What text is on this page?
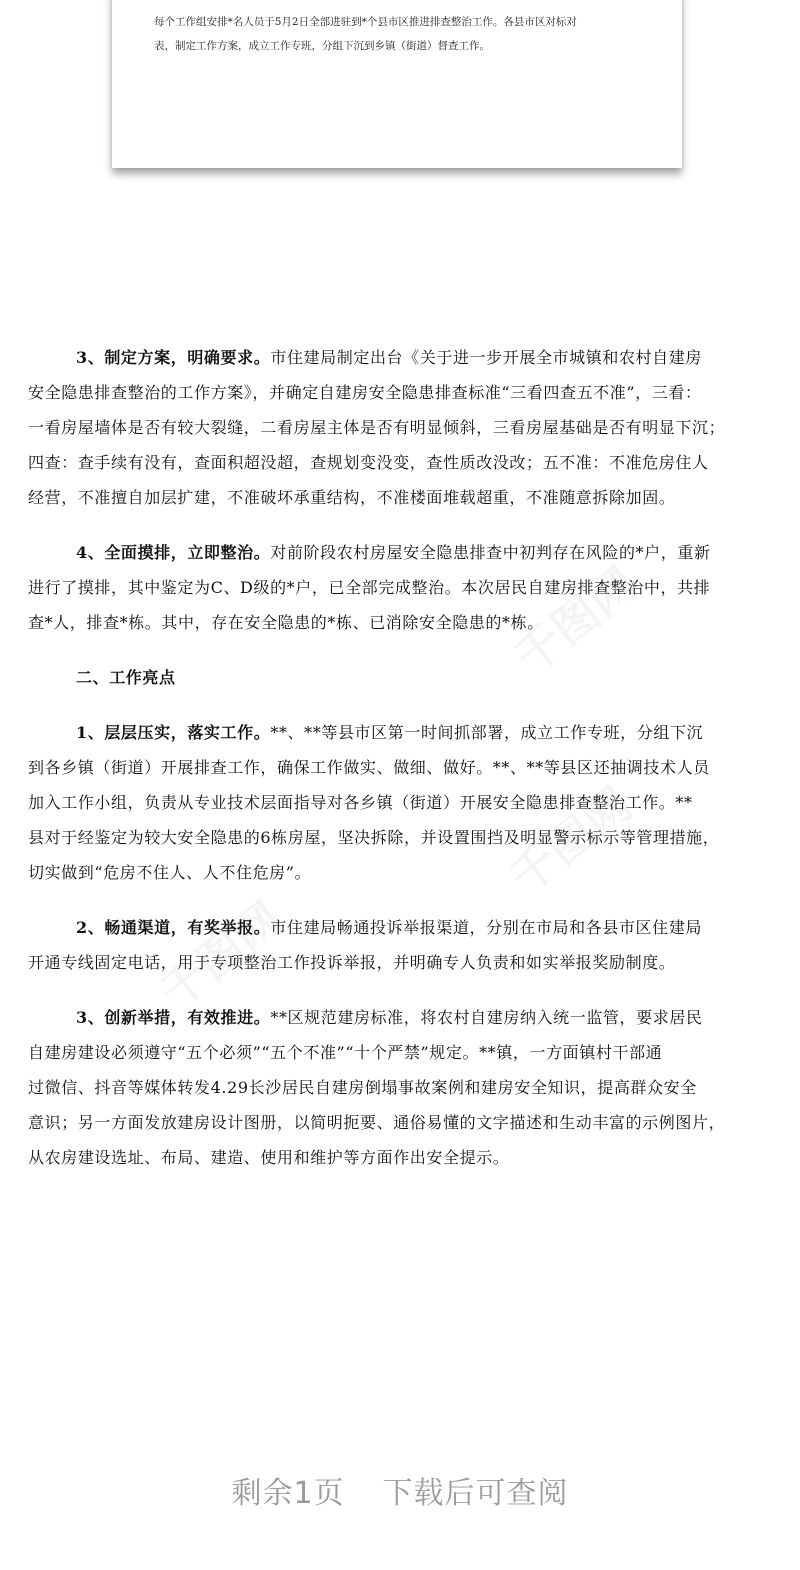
每个工作组安排*名人员于5月2日全部进驻到*个县市区推进排查整治工作。各县市区对标对
表，制定工作方案，成立工作专班，分组下沉到乡镇（街道）督查工作。

3、制定方案，明确要求。市住建局制定出台《关于进一步开展全市城镇和农村自建房
安全隐患排查整治的工作方案》，并确定自建房安全隐患排查标准“三看四查五不准”，三看：
一看房屋墙体是否有较大裂缝，二看房屋主体是否有明显倾斜，三看房屋基础是否有明显下沉；
四查：查手续有没有，查面积超没超，查规划变没变，查性质改没改；五不准：不准危房住人
经营，不准擅自加层扩建，不准破坏承重结构，不准楼面堆载超重，不准随意拆除加固。

4、全面摸排，立即整治。对前阶段农村房屋安全隐患排查中初判存在风险的*户，重新
进行了摸排，其中鉴定为C、D级的*户，已全部完成整治。本次居民自建房排查整治中，共排
查*人，排查*栋。其中，存在安全隐患的*栋、已消除安全隐患的*栋。

二、工作亮点

1、层层压实，落实工作。**、**等县市区第一时间抓部署，成立工作专班，分组下沉
到各乡镇（街道）开展排查工作，确保工作做实、做细、做好。**、**等县区还抽调技术人员
加入工作小组，负责从专业技术层面指导对各乡镇（街道）开展安全隐患排查整治工作。**
县对于经鉴定为较大安全隐患的6栋房屋，坚决拆除，并设置围挡及明显警示标示等管理措施，
切实做到“危房不住人、人不住危房”。

2、畅通渠道，有奖举报。市住建局畅通投诉举报渠道，分别在市局和各县市区住建局
开通专线固定电话，用于专项整治工作投诉举报，并明确专人负责和如实举报奖励制度。

3、创新举措，有效推进。**区规范建房标准，将农村自建房纳入统一监管，要求居民
自建房建设必须遵守“五个必须”“五个不准”“十个严禁”规定。**镇，一方面镇村干部通
过微信、抖音等媒体转发4.29长沙居民自建房倒塌事故案例和建房安全知识，提高群众安全
意识；另一方面发放建房设计图册，以简明扼要、通俗易懂的文字描述和生动丰富的示例图片，
从农房建设选址、布局、建造、使用和维护等方面作出安全提示。

剩余1页 下载后可查阅
